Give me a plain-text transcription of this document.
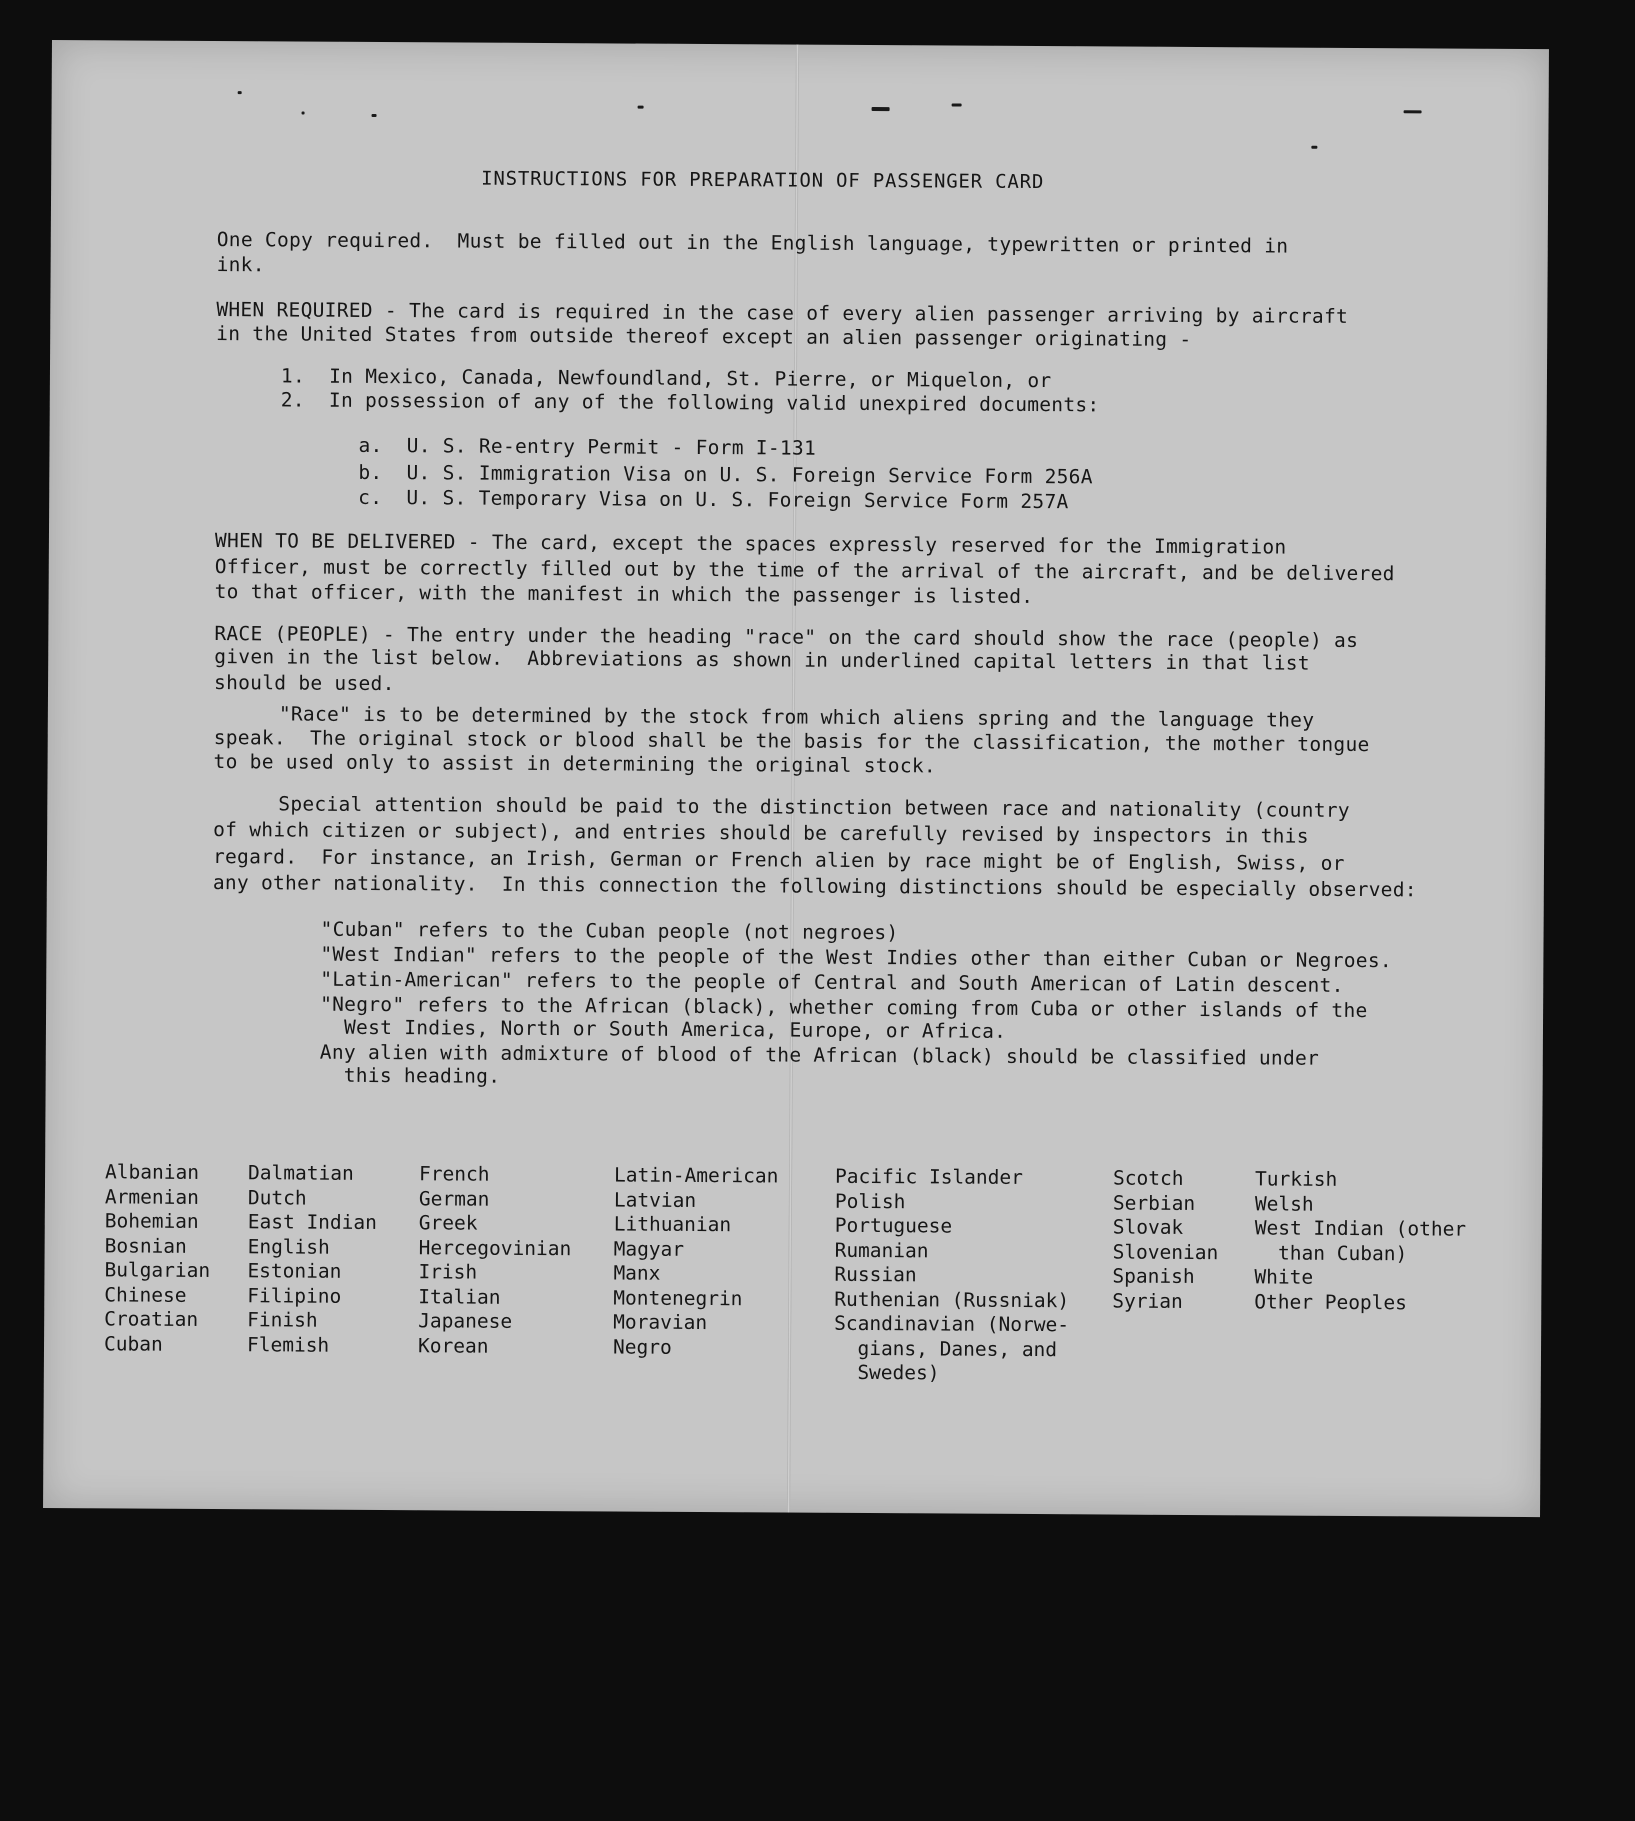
INSTRUCTIONS FOR PREPARATION OF PASSENGER CARD
One Copy required.  Must be filled out in the English language, typewritten or printed in
ink.
WHEN REQUIRED - The card is required in the case of every alien passenger arriving by aircraft
in the United States from outside thereof except an alien passenger originating -
1.  In Mexico, Canada, Newfoundland, St. Pierre, or Miquelon, or
2.  In possession of any of the following valid unexpired documents:
a.  U. S. Re-entry Permit - Form I-131
b.  U. S. Immigration Visa on U. S. Foreign Service Form 256A
c.  U. S. Temporary Visa on U. S. Foreign Service Form 257A
WHEN TO BE DELIVERED - The card, except the spaces expressly reserved for the Immigration
Officer, must be correctly filled out by the time of the arrival of the aircraft, and be delivered
to that officer, with the manifest in which the passenger is listed.
RACE (PEOPLE) - The entry under the heading "race" on the card should show the race (people) as
given in the list below.  Abbreviations as shown in underlined capital letters in that list
should be used.
"Race" is to be determined by the stock from which aliens spring and the language they
speak.  The original stock or blood shall be the basis for the classification, the mother tongue
to be used only to assist in determining the original stock.
Special attention should be paid to the distinction between race and nationality (country
of which citizen or subject), and entries should be carefully revised by inspectors in this
regard.  For instance, an Irish, German or French alien by race might be of English, Swiss, or
any other nationality.  In this connection the following distinctions should be especially observed:
"Cuban" refers to the Cuban people (not negroes)
"West Indian" refers to the people of the West Indies other than either Cuban or Negroes.
"Latin-American" refers to the people of Central and South American of Latin descent.
"Negro" refers to the African (black), whether coming from Cuba or other islands of the
West Indies, North or South America, Europe, or Africa.
Any alien with admixture of blood of the African (black) should be classified under
this heading.
Albanian
Armenian
Bohemian
Bosnian
Bulgarian
Chinese
Croatian
Cuban
Dalmatian
Dutch
East Indian
English
Estonian
Filipino
Finish
Flemish
French
German
Greek
Hercegovinian
Irish
Italian
Japanese
Korean
Latin-American
Latvian
Lithuanian
Magyar
Manx
Montenegrin
Moravian
Negro
Pacific Islander
Polish
Portuguese
Rumanian
Russian
Ruthenian (Russniak)
Scandinavian (Norwe-
gians, Danes, and
Swedes)
Scotch
Serbian
Slovak
Slovenian
Spanish
Syrian
Turkish
Welsh
West Indian (other
than Cuban)
White
Other Peoples
